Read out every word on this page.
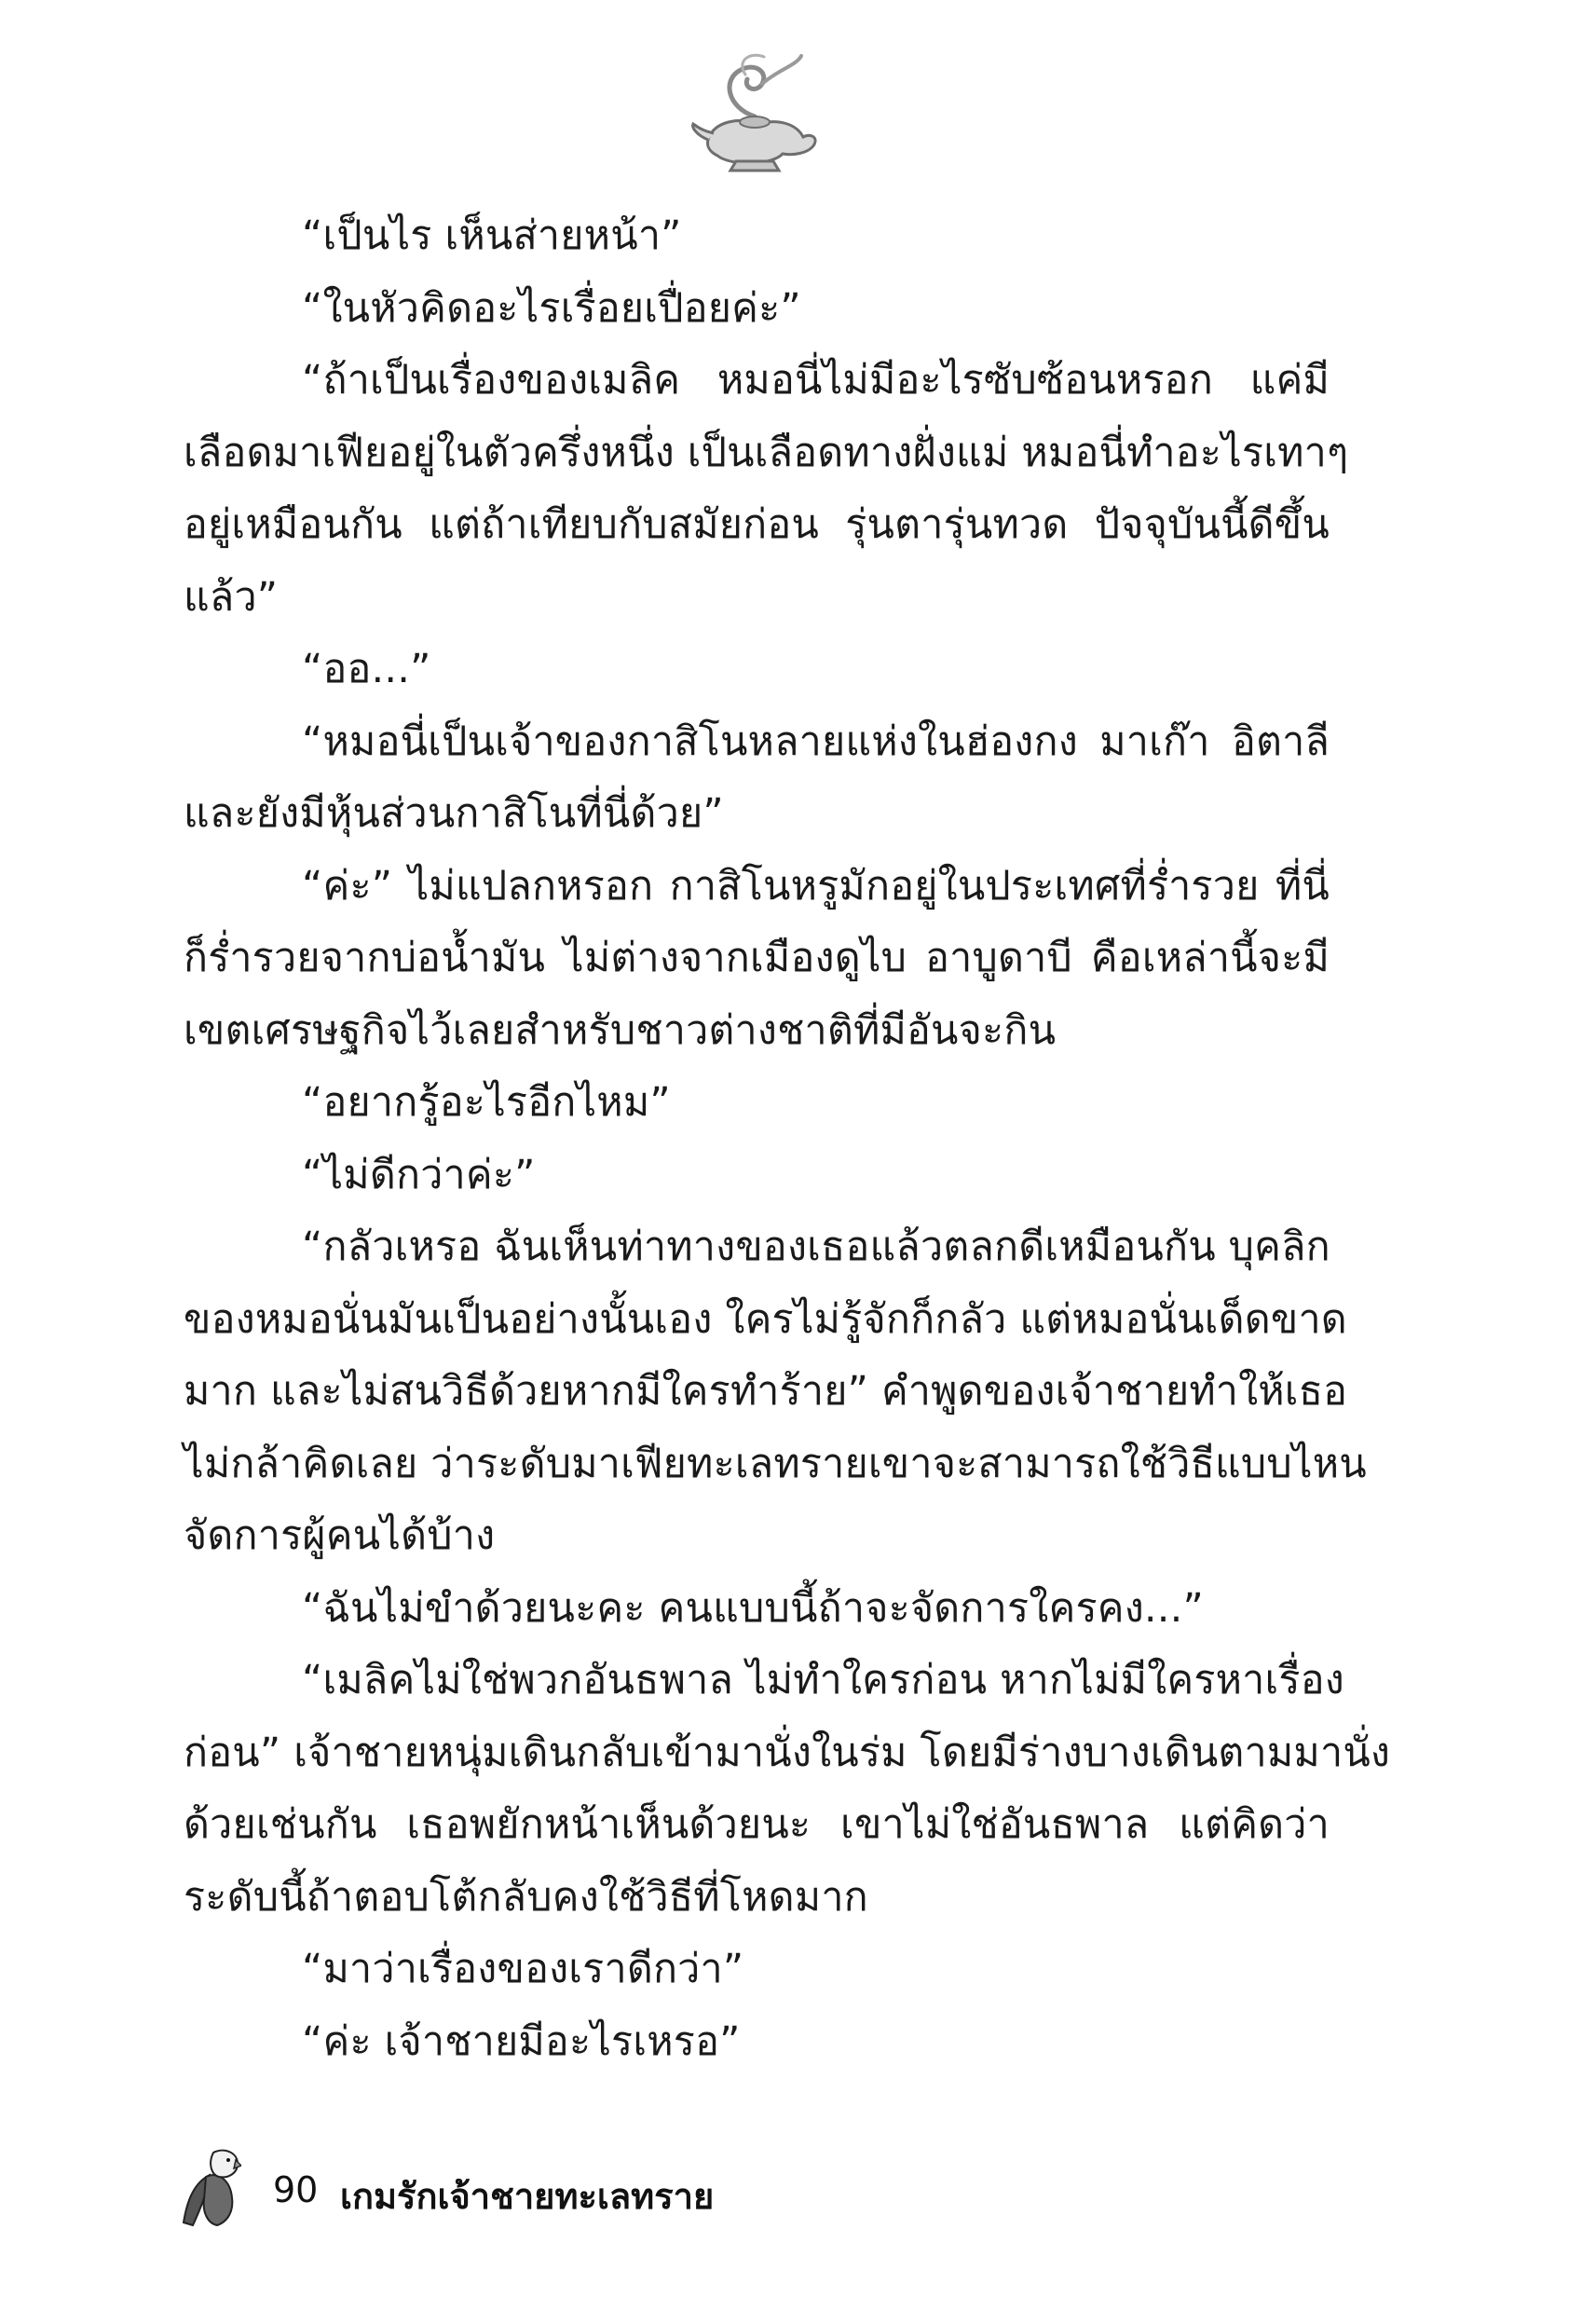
“เป็นไร เห็นส่ายหน้า”
“ในหัวคิดอะไรเรื่อยเปื่อยค่ะ”
“ถ้าเป็นเรื่องของเมลิค หมอนี่ไม่มีอะไรซับซ้อนหรอก แค่มี
เลือดมาเฟียอยู่ในตัวครึ่งหนึ่ง เป็นเลือดทางฝั่งแม่ หมอนี่ทำอะไรเทาๆ
อยู่เหมือนกัน แต่ถ้าเทียบกับสมัยก่อน รุ่นตารุ่นทวด ปัจจุบันนี้ดีขึ้น
แล้ว”
“ออ...”
“หมอนี่เป็นเจ้าของกาสิโนหลายแห่งในฮ่องกง มาเก๊า อิตาลี
และยังมีหุ้นส่วนกาสิโนที่นี่ด้วย”
“ค่ะ” ไม่แปลกหรอก กาสิโนหรูมักอยู่ในประเทศที่ร่ำรวย ที่นี่
ก็ร่ำรวยจากบ่อน้ำมัน ไม่ต่างจากเมืองดูไบ อาบูดาบี คือเหล่านี้จะมี
เขตเศรษฐกิจไว้เลยสำหรับชาวต่างชาติที่มีอันจะกิน
“อยากรู้อะไรอีกไหม”
“ไม่ดีกว่าค่ะ”
“กลัวเหรอ ฉันเห็นท่าทางของเธอแล้วตลกดีเหมือนกัน บุคลิก
ของหมอนั่นมันเป็นอย่างนั้นเอง ใครไม่รู้จักก็กลัว แต่หมอนั่นเด็ดขาด
มาก และไม่สนวิธีด้วยหากมีใครทำร้าย” คำพูดของเจ้าชายทำให้เธอ
ไม่กล้าคิดเลย ว่าระดับมาเฟียทะเลทรายเขาจะสามารถใช้วิธีแบบไหน
จัดการผู้คนได้บ้าง
“ฉันไม่ขำด้วยนะคะ คนแบบนี้ถ้าจะจัดการใครคง...”
“เมลิคไม่ใช่พวกอันธพาล ไม่ทำใครก่อน หากไม่มีใครหาเรื่อง
ก่อน” เจ้าชายหนุ่มเดินกลับเข้ามานั่งในร่ม โดยมีร่างบางเดินตามมานั่ง
ด้วยเช่นกัน เธอพยักหน้าเห็นด้วยนะ เขาไม่ใช่อันธพาล แต่คิดว่า
ระดับนี้ถ้าตอบโต้กลับคงใช้วิธีที่โหดมาก
“มาว่าเรื่องของเราดีกว่า”
“ค่ะ เจ้าชายมีอะไรเหรอ”
90 เกมรักเจ้าชายทะเลทราย
